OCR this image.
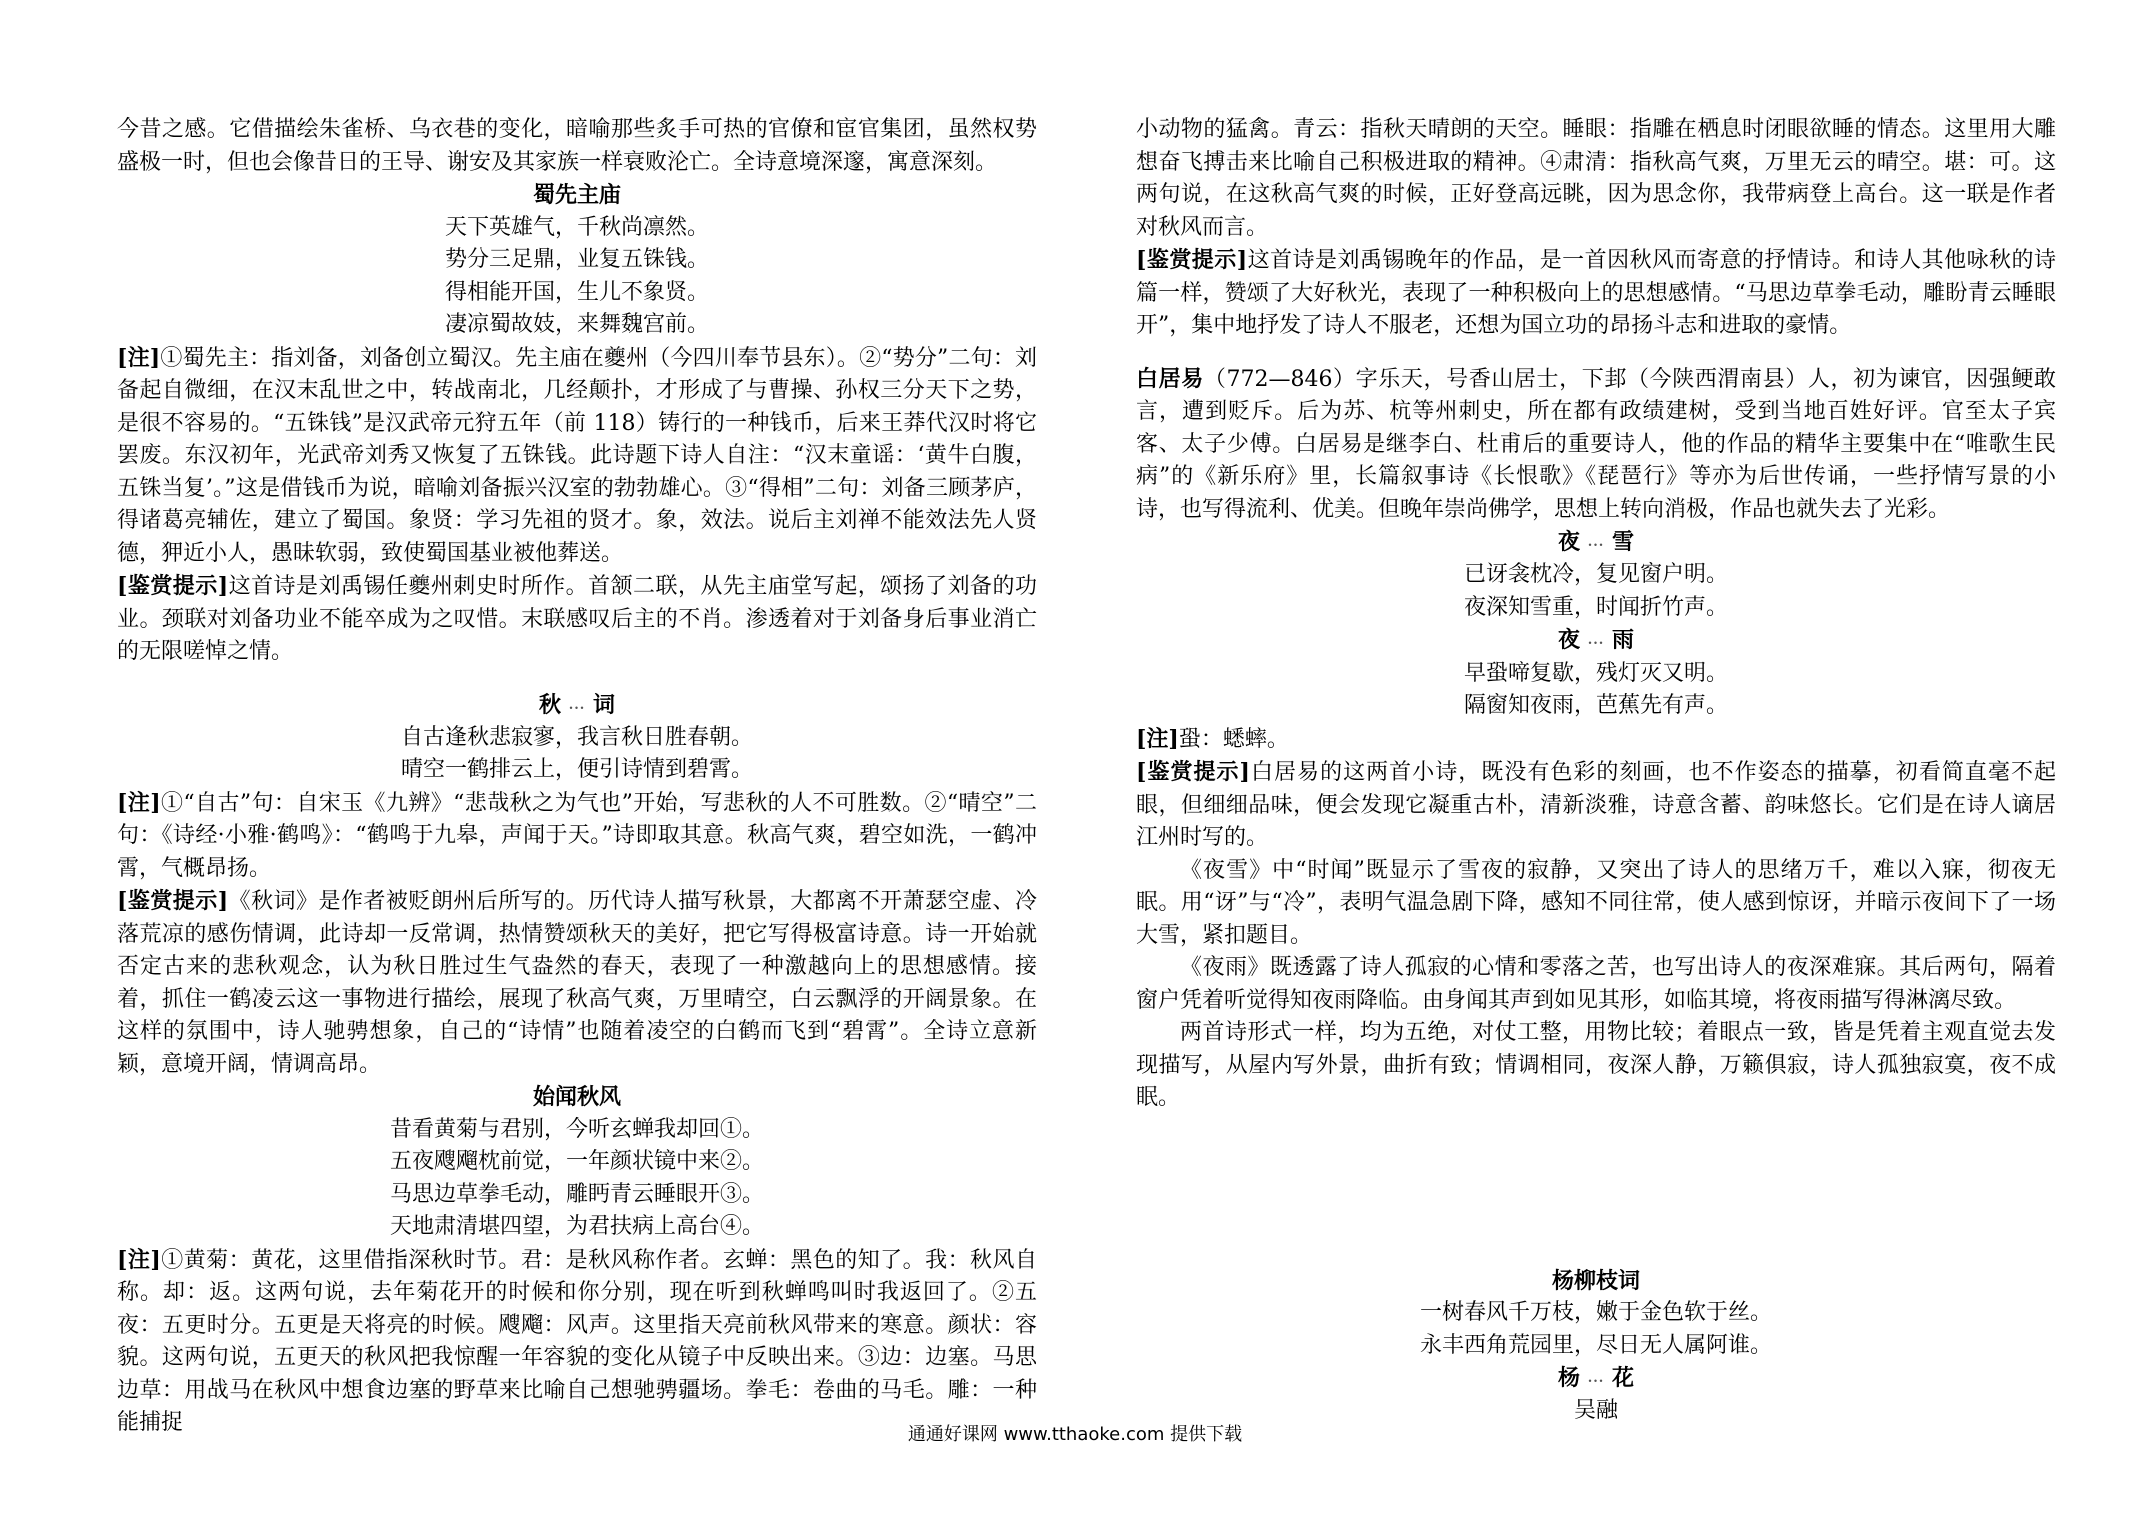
今昔之感。它借描绘朱雀桥、乌衣巷的变化，暗喻那些炙手可热的官僚和宦官集团，虽然权势盛极一时，但也会像昔日的王导、谢安及其家族一样衰败沦亡。全诗意境深邃，寓意深刻。

蜀先主庙

天下英雄气，千秋尚凛然。

势分三足鼎，业复五铢钱。

得相能开国，生儿不象贤。

凄凉蜀故妓，来舞魏宫前。

[注]①蜀先主：指刘备，刘备创立蜀汉。先主庙在夔州（今四川奉节县东）。②“势分”二句：刘备起自微细，在汉末乱世之中，转战南北，几经颠扑，才形成了与曹操、孙权三分天下之势，是很不容易的。“五铢钱”是汉武帝元狩五年（前 118）铸行的一种钱币，后来王莽代汉时将它罢废。东汉初年，光武帝刘秀又恢复了五铢钱。此诗题下诗人自注：“汉末童谣：‘黄牛白腹，五铢当复’。”这是借钱币为说，暗喻刘备振兴汉室的勃勃雄心。③“得相”二句：刘备三顾茅庐，得诸葛亮辅佐，建立了蜀国。象贤：学习先祖的贤才。象，效法。说后主刘禅不能效法先人贤德，狎近小人，愚昧软弱，致使蜀国基业被他葬送。

[鉴赏提示]这首诗是刘禹锡任夔州刺史时所作。首颔二联，从先主庙堂写起，颂扬了刘备的功业。颈联对刘备功业不能卒成为之叹惜。末联感叹后主的不肖。渗透着对于刘备身后事业消亡的无限嗟悼之情。

秋 ... 词

自古逢秋悲寂寥，我言秋日胜春朝。

晴空一鹤排云上，便引诗情到碧霄。

[注]①“自古”句：自宋玉《九辨》“悲哉秋之为气也”开始，写悲秋的人不可胜数。②“晴空”二句：《诗经·小雅·鹤鸣》：“鹤鸣于九皋，声闻于天。”诗即取其意。秋高气爽，碧空如洗，一鹤冲霄，气概昂扬。

[鉴赏提示]《秋词》是作者被贬朗州后所写的。历代诗人描写秋景，大都离不开萧瑟空虚、冷落荒凉的感伤情调，此诗却一反常调，热情赞颂秋天的美好，把它写得极富诗意。诗一开始就否定古来的悲秋观念，认为秋日胜过生气盎然的春天，表现了一种激越向上的思想感情。接着，抓住一鹤凌云这一事物进行描绘，展现了秋高气爽，万里晴空，白云飘浮的开阔景象。在这样的氛围中，诗人驰骋想象，自己的“诗情”也随着凌空的白鹤而飞到“碧霄”。全诗立意新颖，意境开阔，情调高昂。

始闻秋风

昔看黄菊与君别，今听玄蝉我却回①。

五夜飕飗枕前觉，一年颜状镜中来②。

马思边草拳毛动，雕眄青云睡眼开③。

天地肃清堪四望，为君扶病上高台④。

[注]①黄菊：黄花，这里借指深秋时节。君：是秋风称作者。玄蝉：黑色的知了。我：秋风自称。却：返。这两句说，去年菊花开的时候和你分别，现在听到秋蝉鸣叫时我返回了。②五夜：五更时分。五更是天将亮的时候。飕飗：风声。这里指天亮前秋风带来的寒意。颜状：容貌。这两句说，五更天的秋风把我惊醒一年容貌的变化从镜子中反映出来。③边：边塞。马思边草：用战马在秋风中想食边塞的野草来比喻自己想驰骋疆场。拳毛：卷曲的马毛。雕：一种能捕捉

小动物的猛禽。青云：指秋天晴朗的天空。睡眼：指雕在栖息时闭眼欲睡的情态。这里用大雕想奋飞搏击来比喻自己积极进取的精神。④肃清：指秋高气爽，万里无云的晴空。堪：可。这两句说，在这秋高气爽的时候，正好登高远眺，因为思念你，我带病登上高台。这一联是作者对秋风而言。

[鉴赏提示]这首诗是刘禹锡晚年的作品，是一首因秋风而寄意的抒情诗。和诗人其他咏秋的诗篇一样，赞颂了大好秋光，表现了一种积极向上的思想感情。“马思边草拳毛动，雕盼青云睡眼开”，集中地抒发了诗人不服老，还想为国立功的昂扬斗志和进取的豪情。

白居易（772—846）字乐天，号香山居士，下邽（今陕西渭南县）人，初为谏官，因强鲠敢言，遭到贬斥。后为苏、杭等州刺史，所在都有政绩建树，受到当地百姓好评。官至太子宾客、太子少傅。白居易是继李白、杜甫后的重要诗人，他的作品的精华主要集中在“唯歌生民病”的《新乐府》里，长篇叙事诗《长恨歌》《琵琶行》等亦为后世传诵，一些抒情写景的小诗，也写得流利、优美。但晚年崇尚佛学，思想上转向消极，作品也就失去了光彩。

夜 ... 雪

已讶衾枕冷，复见窗户明。

夜深知雪重，时闻折竹声。

夜 ... 雨

早蛩啼复歇，残灯灭又明。

隔窗知夜雨，芭蕉先有声。

[注]蛩：蟋蟀。

[鉴赏提示]白居易的这两首小诗，既没有色彩的刻画，也不作姿态的描摹，初看简直毫不起眼，但细细品味，便会发现它凝重古朴，清新淡雅，诗意含蓄、韵味悠长。它们是在诗人谪居江州时写的。

《夜雪》中“时闻”既显示了雪夜的寂静，又突出了诗人的思绪万千，难以入寐，彻夜无眠。用“讶”与“冷”，表明气温急剧下降，感知不同往常，使人感到惊讶，并暗示夜间下了一场大雪，紧扣题目。

《夜雨》既透露了诗人孤寂的心情和零落之苦，也写出诗人的夜深难寐。其后两句，隔着窗户凭着听觉得知夜雨降临。由身闻其声到如见其形，如临其境，将夜雨描写得淋漓尽致。

两首诗形式一样，均为五绝，对仗工整，用物比较；着眼点一致，皆是凭着主观直觉去发现描写，从屋内写外景，曲折有致；情调相同，夜深人静，万籁俱寂，诗人孤独寂寞，夜不成眠。

杨柳枝词

一树春风千万枝，嫩于金色软于丝。

永丰西角荒园里，尽日无人属阿谁。

杨 ... 花

吴融

通通好课网 www.tthaoke.com 提供下载
